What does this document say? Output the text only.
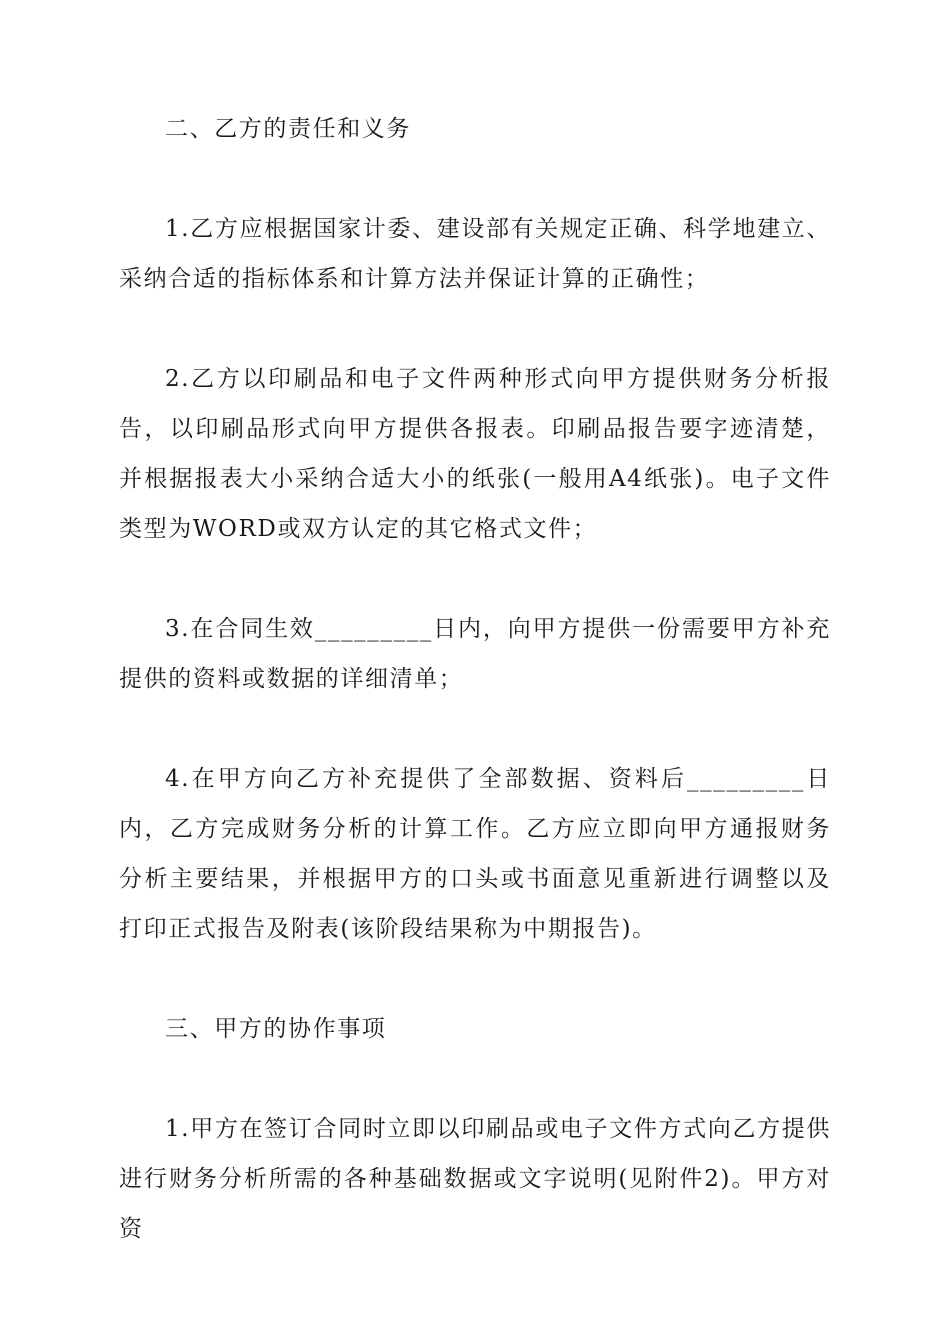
二、乙方的责任和义务

1.乙方应根据国家计委、建设部有关规定正确、科学地建立、采纳合适的指标体系和计算方法并保证计算的正确性；

2.乙方以印刷品和电子文件两种形式向甲方提供财务分析报告，以印刷品形式向甲方提供各报表。印刷品报告要字迹清楚，并根据报表大小采纳合适大小的纸张(一般用A4纸张)。电子文件类型为WORD或双方认定的其它格式文件；

3.在合同生效_________日内，向甲方提供一份需要甲方补充提供的资料或数据的详细清单；

4.在甲方向乙方补充提供了全部数据、资料后_________日内，乙方完成财务分析的计算工作。乙方应立即向甲方通报财务分析主要结果，并根据甲方的口头或书面意见重新进行调整以及打印正式报告及附表(该阶段结果称为中期报告)。

三、甲方的协作事项

1.甲方在签订合同时立即以印刷品或电子文件方式向乙方提供进行财务分析所需的各种基础数据或文字说明(见附件2)。甲方对资
